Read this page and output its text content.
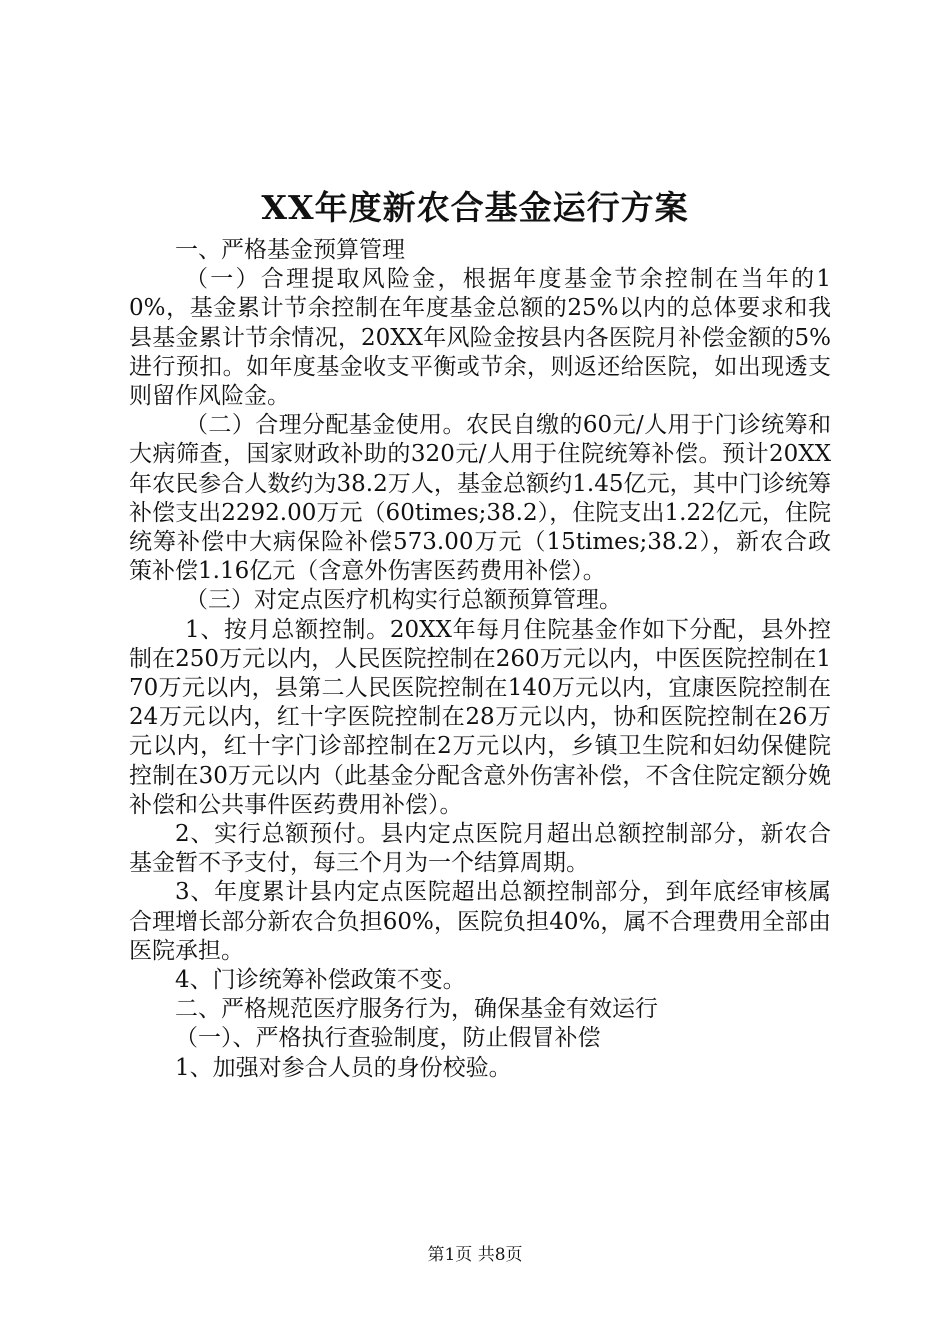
XX年度新农合基金运行方案

一、严格基金预算管理

（一）合理提取风险金，根据年度基金节余控制在当年的10%，基金累计节余控制在年度基金总额的25%以内的总体要求和我县基金累计节余情况，20XX年风险金按县内各医院月补偿金额的5%进行预扣。如年度基金收支平衡或节余，则返还给医院，如出现透支则留作风险金。

（二）合理分配基金使用。农民自缴的60元/人用于门诊统筹和大病筛查，国家财政补助的320元/人用于住院统筹补偿。预计20XX年农民参合人数约为38.2万人，基金总额约1.45亿元，其中门诊统筹补偿支出2292.00万元（60times;38.2），住院支出1.22亿元，住院统筹补偿中大病保险补偿573.00万元（15times;38.2），新农合政策补偿1.16亿元（含意外伤害医药费用补偿）。

（三）对定点医疗机构实行总额预算管理。

1、按月总额控制。20XX年每月住院基金作如下分配，县外控制在250万元以内，人民医院控制在260万元以内，中医医院控制在170万元以内，县第二人民医院控制在140万元以内，宜康医院控制在24万元以内，红十字医院控制在28万元以内，协和医院控制在26万元以内，红十字门诊部控制在2万元以内，乡镇卫生院和妇幼保健院控制在30万元以内（此基金分配含意外伤害补偿，不含住院定额分娩补偿和公共事件医药费用补偿）。

2、实行总额预付。县内定点医院月超出总额控制部分，新农合基金暂不予支付，每三个月为一个结算周期。

3、年度累计县内定点医院超出总额控制部分，到年底经审核属合理增长部分新农合负担60%，医院负担40%，属不合理费用全部由医院承担。

4、门诊统筹补偿政策不变。

二、严格规范医疗服务行为，确保基金有效运行

（一）、严格执行查验制度，防止假冒补偿

1、加强对参合人员的身份校验。

第1页 共8页
